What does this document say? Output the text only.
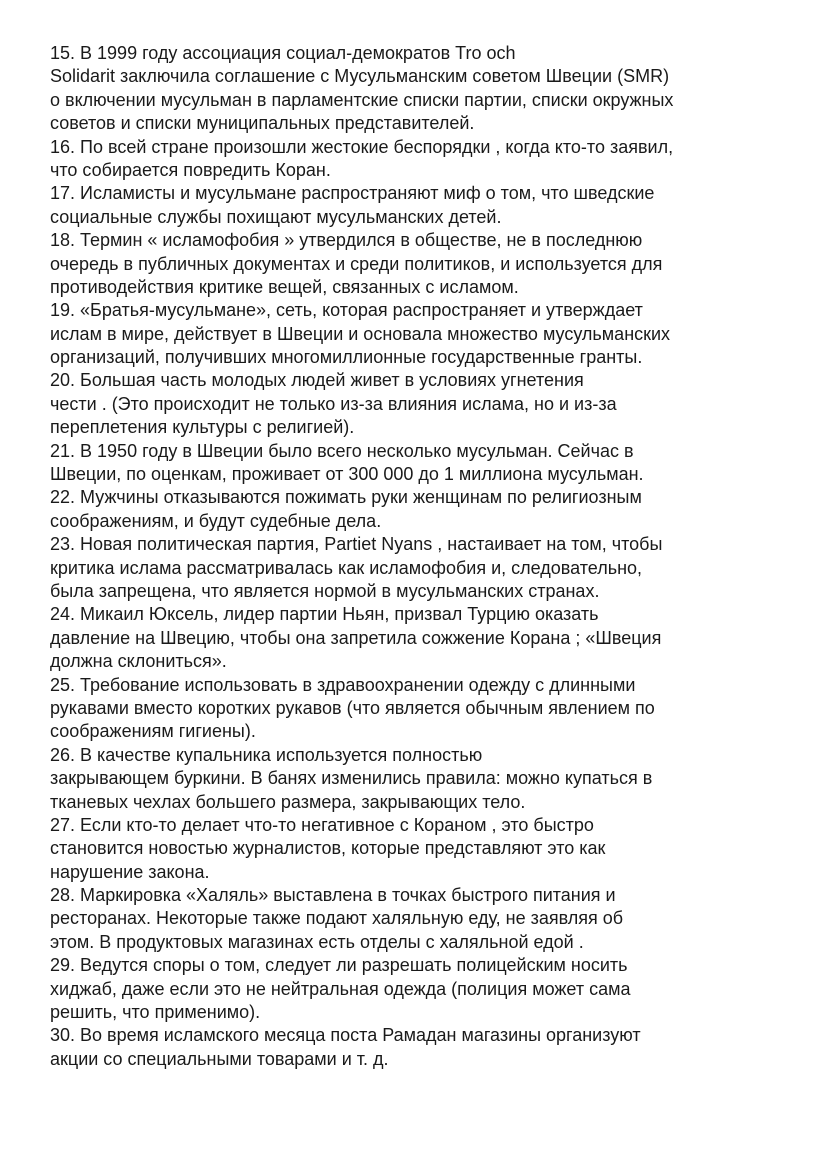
15. В 1999 году ассоциация социал-демократов Tro och
Solidarit заключила соглашение с Мусульманским советом Швеции (SMR)
о включении мусульман в парламентские списки партии, списки окружных
советов и списки муниципальных представителей.
16. По всей стране произошли жестокие беспорядки , когда кто-то заявил,
что собирается повредить Коран.
17. Исламисты и мусульмане распространяют миф о том, что шведские
социальные службы похищают мусульманских детей.
18. Термин « исламофобия » утвердился в обществе, не в последнюю
очередь в публичных документах и среди политиков, и используется для
противодействия критике вещей, связанных с исламом.
19. «Братья-мусульмане», сеть, которая распространяет и утверждает
ислам в мире, действует в Швеции и основала множество мусульманских
организаций, получивших многомиллионные государственные гранты.
20. Большая часть молодых людей живет в условиях угнетения
чести . (Это происходит не только из-за влияния ислама, но и из-за
переплетения культуры с религией).
21. В 1950 году в Швеции было всего несколько мусульман. Сейчас в
Швеции, по оценкам, проживает от 300 000 до 1 миллиона мусульман.
22. Мужчины отказываются пожимать руки женщинам по религиозным
соображениям, и будут судебные дела.
23. Новая политическая партия, Partiet Nyans , настаивает на том, чтобы
критика ислама рассматривалась как исламофобия и, следовательно,
была запрещена, что является нормой в мусульманских странах.
24. Микаил Юксель, лидер партии Ньян, призвал Турцию оказать
давление на Швецию, чтобы она запретила сожжение Корана ; «Швеция
должна склониться».
25. Требование использовать в здравоохранении одежду с длинными
рукавами вместо коротких рукавов (что является обычным явлением по
соображениям гигиены).
26. В качестве купальника используется полностью
закрывающем буркини. В банях изменились правила: можно купаться в
тканевых чехлах большего размера, закрывающих тело.
27. Если кто-то делает что-то негативное с Кораном , это быстро
становится новостью журналистов, которые представляют это как
нарушение закона.
28. Маркировка «Халяль» выставлена в точках быстрого питания и
ресторанах. Некоторые также подают халяльную еду, не заявляя об
этом. В продуктовых магазинах есть отделы с халяльной едой .
29. Ведутся споры о том, следует ли разрешать полицейским носить
хиджаб, даже если это не нейтральная одежда (полиция может сама
решить, что применимо).
30. Во время исламского месяца поста Рамадан магазины организуют
акции со специальными товарами и т. д.
